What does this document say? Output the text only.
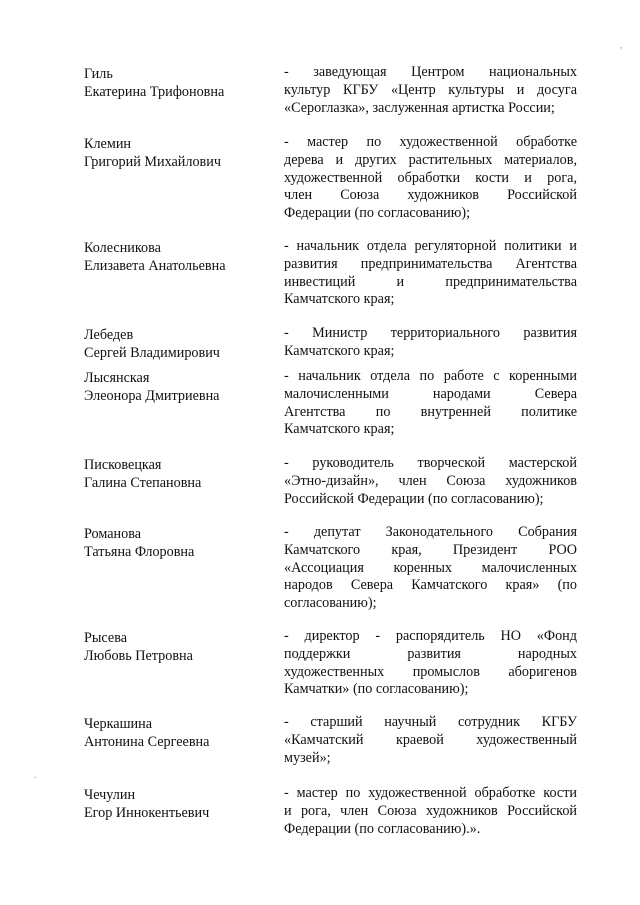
Гиль
Екатерина Трифоновна
- заведующая Центром национальных
культур КГБУ «Центр культуры и досуга
«Сероглазка», заслуженная артистка России;
Клемин
Григорий Михайлович
- мастер по художественной обработке
дерева и других растительных материалов,
художественной обработки кости и рога,
член Союза художников Российской
Федерации (по согласованию);
Колесникова
Елизавета Анатольевна
- начальник отдела регуляторной политики и
развития предпринимательства Агентства
инвестиций и предпринимательства
Камчатского края;
Лебедев
Сергей Владимирович
- Министр территориального развития
Камчатского края;
Лысянская
Элеонора Дмитриевна
- начальник отдела по работе с коренными
малочисленными народами Севера
Агентства по внутренней политике
Камчатского края;
Писковецкая
Галина Степановна
- руководитель творческой мастерской
«Этно-дизайн», член Союза художников
Российской Федерации (по согласованию);
Романова
Татьяна Флоровна
- депутат Законодательного Собрания
Камчатского края, Президент РОО
«Ассоциация коренных малочисленных
народов Севера Камчатского края» (по
согласованию);
Рысева
Любовь Петровна
- директор - распорядитель НО «Фонд
поддержки развития народных
художественных промыслов аборигенов
Камчатки» (по согласованию);
Черкашина
Антонина Сергеевна
- старший научный сотрудник КГБУ
«Камчатский краевой художественный
музей»;
Чечулин
Егор Иннокентьевич
- мастер по художественной обработке кости
и рога, член Союза художников Российской
Федерации (по согласованию).».
,
.
